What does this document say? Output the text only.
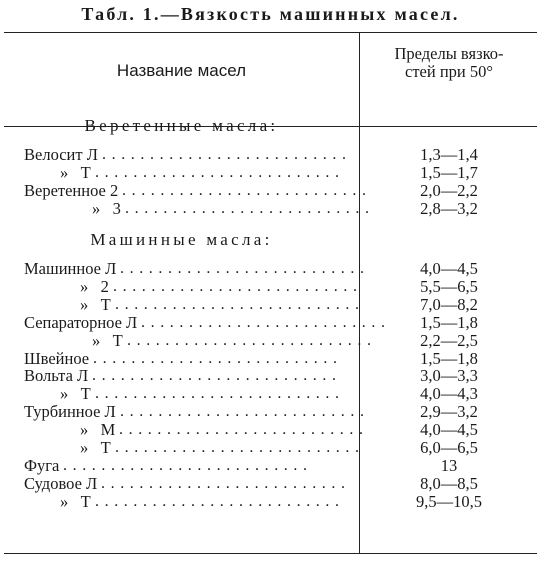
Табл. 1.—Вязкость машинных масел.
Название масел
Пределы вязко-
стей при 50°
Веретенные масла:
Велосит Л ..........................	1,3—1,4
»   Т ..........................	1,5—1,7
Веретенное 2 ..........................	2,0—2,2
»   3 ..........................	2,8—3,2
Машинные масла:
Машинное Л ..........................	4,0—4,5
»   2 ..........................	5,5—6,5
»   Т ..........................	7,0—8,2
Сепараторное Л ..........................	1,5—1,8
»   Т ..........................	2,2—2,5
Швейное ..........................	1,5—1,8
Вольта Л ..........................	3,0—3,3
»   Т ..........................	4,0—4,3
Турбинное Л ..........................	2,9—3,2
»   М ..........................	4,0—4,5
»   Т ..........................	6,0—6,5
Фуга ..........................	13
Судовое Л ..........................	8,0—8,5
»   Т ..........................	9,5—10,5
